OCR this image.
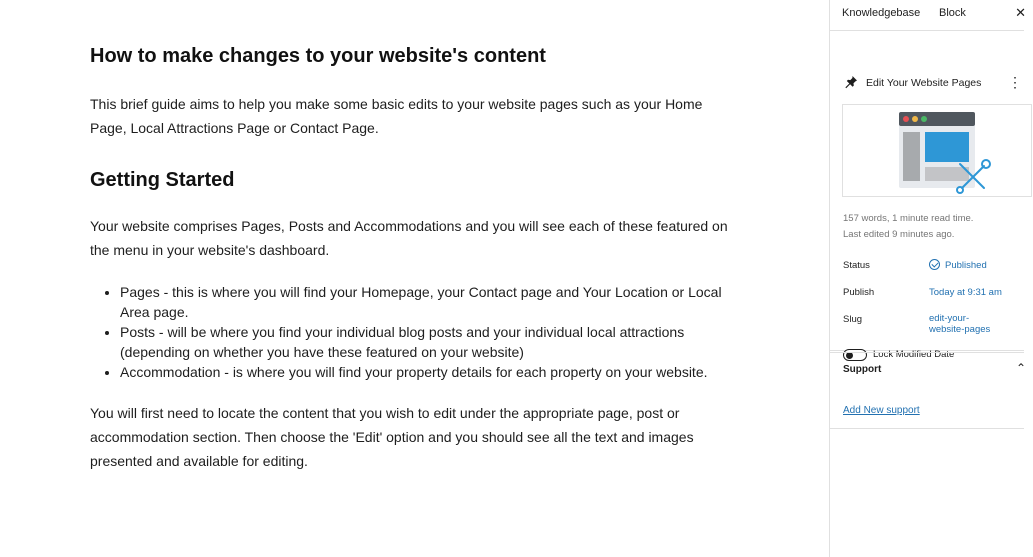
How to make changes to your website's content

This brief guide aims to help you make some basic edits to your website pages such as your Home Page, Local Attractions Page or Contact Page.

Getting Started

Your website comprises Pages, Posts and Accommodations and you will see each of these featured on the menu in your website's dashboard.

• Pages - this is where you will find your Homepage, your Contact page and Your Location or Local Area page.
• Posts - will be where you find your individual blog posts and your individual local attractions (depending on whether you have these featured on your website)
• Accommodation - is where you will find your property details for each property on your website.

You will first need to locate the content that you wish to edit under the appropriate page, post or accommodation section. Then choose the 'Edit' option and you should see all the text and images presented and available for editing.

Knowledgebase Block	✕
Edit Your Website Pages ⋮
157 words, 1 minute read time.
Last edited 9 minutes ago.
Status	Published
Publish	Today at 9:31 am
Slug	edit-your-
website-pages
Lock Modified Date
Support	⌃
Add New support
